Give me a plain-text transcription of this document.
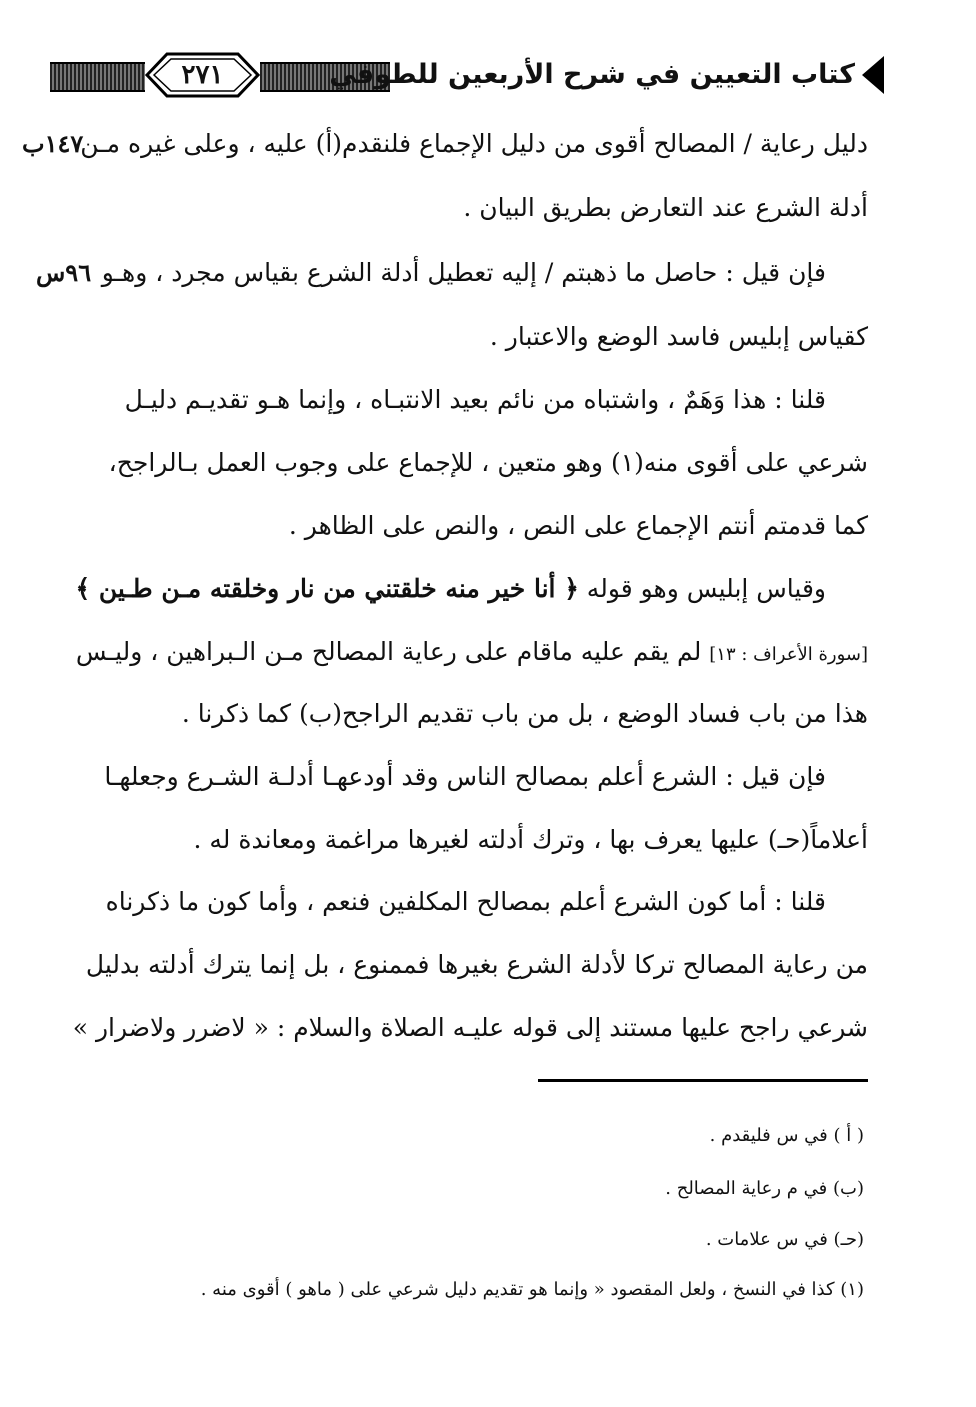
٢٧١	كتاب التعيين في شرح الأربعين للطوفي
١٤٧ب
٩٦س
دليل رعاية / المصالح أقوى من دليل الإجماع فلنقدم(أ) عليه ، وعلى غيره مـن
أدلة الشرع عند التعارض بطريق البيان .
فإن قيل : حاصل ما ذهبتم / إليه تعطيل أدلة الشرع بقياس مجرد ، وهـو
كقياس إبليس فاسد الوضع والاعتبار .
قلنا : هذا وَهَمٌ ، واشتباه من نائم بعيد الانتبـاه ، وإنما هـو تقديـم دليـل
شرعي على أقوى منه(١) وهو متعين ، للإجماع على وجوب العمل بـالراجح،
كما قدمتم أنتم الإجماع على النص ، والنص على الظاهر .
وقياس إبليس وهو قوله ﴿ أنا خير منه خلقتني من نار وخلقته مـن طـين ﴾
[سورة الأعراف : ١٣] لم يقم عليه ماقام على رعاية المصالح مـن الـبراهين ، وليـس
هذا من باب فساد الوضع ، بل من باب تقديم الراجح(ب) كما ذكرنا .
فإن قيل : الشرع أعلم بمصالح الناس وقد أودعهـا أدلـة الشـرع وجعلهـا
أعلاماً(حـ) عليها يعرف بها ، وترك أدلته لغيرها مراغمة ومعاندة له .
قلنا : أما كون الشرع أعلم بمصالح المكلفين فنعم ، وأما كون ما ذكرناه
من رعاية المصالح تركا لأدلة الشرع بغيرها فممنوع ، بل إنما يترك أدلته بدليل
شرعي راجح عليها مستند إلى قوله عليـه الصلاة والسلام : « لاضرر ولاضرار »
( أ ) في س فليقدم .
(ب) في م رعاية المصالح .
(حـ) في س علامات .
(١) كذا في النسخ ، ولعل المقصود « وإنما هو تقديم دليل شرعي على ( ماهو ) أقوى منه .
